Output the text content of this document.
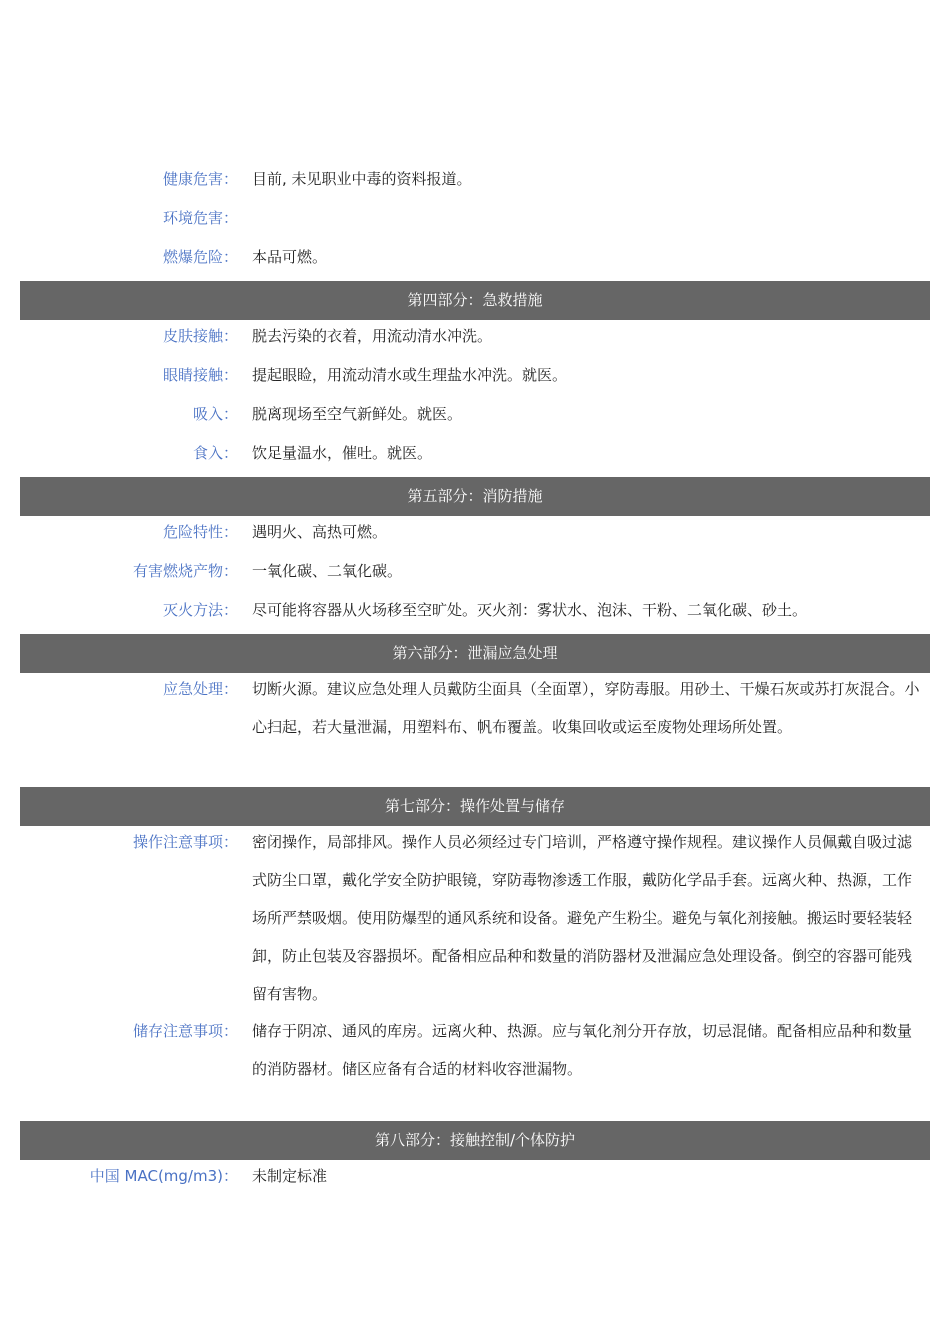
健康危害： 目前, 未见职业中毒的资料报道。
环境危害：
燃爆危险： 本品可燃。
第四部分：急救措施
皮肤接触： 脱去污染的衣着，用流动清水冲洗。
眼睛接触： 提起眼睑，用流动清水或生理盐水冲洗。就医。
吸入： 脱离现场至空气新鲜处。就医。
食入： 饮足量温水，催吐。就医。
第五部分：消防措施
危险特性： 遇明火、高热可燃。
有害燃烧产物： 一氧化碳、二氧化碳。
灭火方法： 尽可能将容器从火场移至空旷处。灭火剂：雾状水、泡沫、干粉、二氧化碳、砂土。
第六部分：泄漏应急处理
应急处理： 切断火源。建议应急处理人员戴防尘面具（全面罩），穿防毒服。用砂土、干燥石灰或苏打灰混合。小心扫起，若大量泄漏，用塑料布、帆布覆盖。收集回收或运至废物处理场所处置。
第七部分：操作处置与储存
操作注意事项： 密闭操作，局部排风。操作人员必须经过专门培训，严格遵守操作规程。建议操作人员佩戴自吸过滤式防尘口罩，戴化学安全防护眼镜，穿防毒物渗透工作服，戴防化学品手套。远离火种、热源，工作场所严禁吸烟。使用防爆型的通风系统和设备。避免产生粉尘。避免与氧化剂接触。搬运时要轻装轻卸，防止包装及容器损坏。配备相应品种和数量的消防器材及泄漏应急处理设备。倒空的容器可能残留有害物。
储存注意事项： 储存于阴凉、通风的库房。远离火种、热源。应与氧化剂分开存放，切忌混储。配备相应品种和数量的消防器材。储区应备有合适的材料收容泄漏物。
第八部分：接触控制/个体防护
中国 MAC(mg/m3)： 未制定标准
